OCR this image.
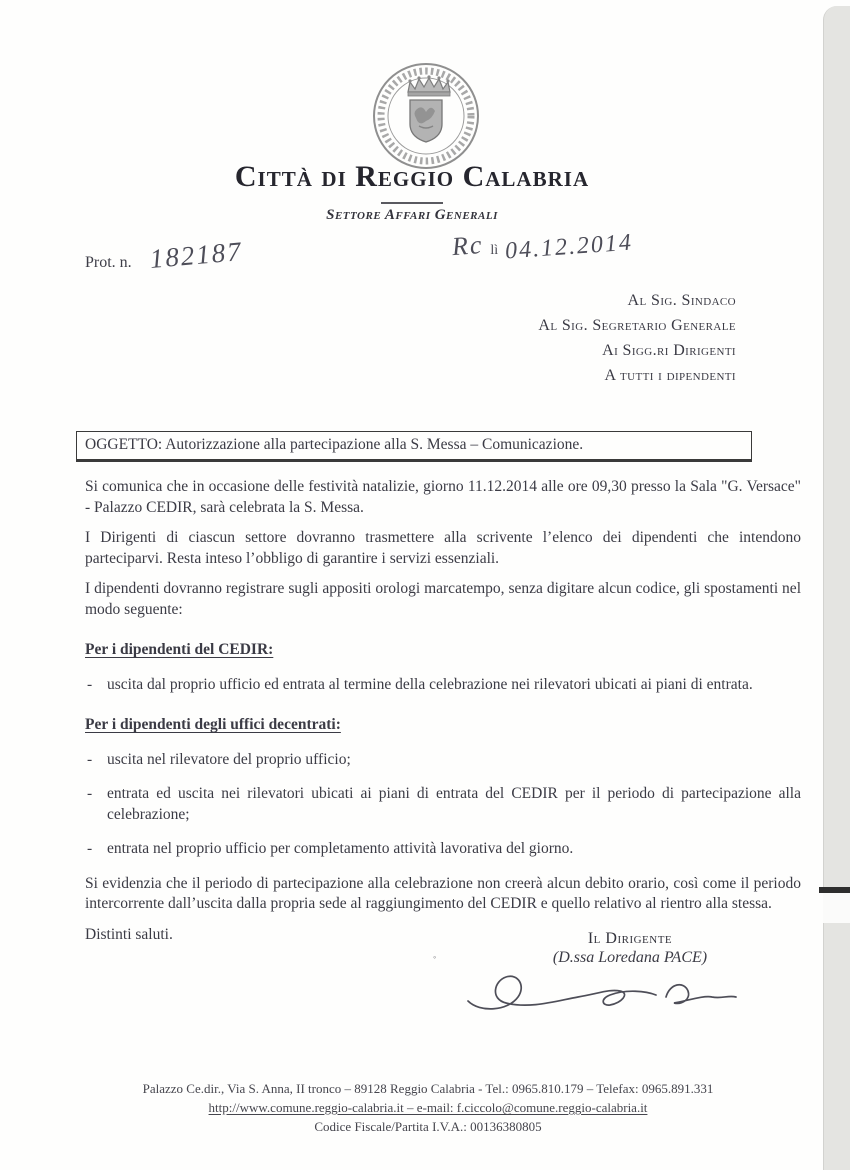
Città di Reggio Calabria
Settore Affari Generali
Prot. n. 182187	Rc lì 04.12.2014
Al Sig. Sindaco
Al Sig. Segretario Generale
Ai Sigg.ri Dirigenti
A tutti i dipendenti
OGGETTO: Autorizzazione alla partecipazione alla S. Messa – Comunicazione.

Si comunica che in occasione delle festività natalizie, giorno 11.12.2014 alle ore 09,30 presso la Sala "G. Versace" - Palazzo CEDIR, sarà celebrata la S. Messa.

I Dirigenti di ciascun settore dovranno trasmettere alla scrivente l’elenco dei dipendenti che intendono parteciparvi. Resta inteso l’obbligo di garantire i servizi essenziali.

I dipendenti dovranno registrare sugli appositi orologi marcatempo, senza digitare alcun codice, gli spostamenti nel modo seguente:

Per i dipendenti del CEDIR:
- uscita dal proprio ufficio ed entrata al termine della celebrazione nei rilevatori ubicati ai piani di entrata.
Per i dipendenti degli uffici decentrati:
- uscita nel rilevatore del proprio ufficio;
- entrata ed uscita nei rilevatori ubicati ai piani di entrata del CEDIR per il periodo di partecipazione alla celebrazione;
- entrata nel proprio ufficio per completamento attività lavorativa del giorno.

Si evidenzia che il periodo di partecipazione alla celebrazione non creerà alcun debito orario, così come il periodo intercorrente dall’uscita dalla propria sede al raggiungimento del CEDIR e quello relativo al rientro alla stessa.

Distinti saluti.

◦
Il Dirigente
(D.ssa Loredana PACE)
Palazzo Ce.dir., Via S. Anna, II tronco – 89128 Reggio Calabria - Tel.: 0965.810.179 – Telefax: 0965.891.331
http://www.comune.reggio-calabria.it – e-mail: f.ciccolo@comune.reggio-calabria.it
Codice Fiscale/Partita I.V.A.: 00136380805
